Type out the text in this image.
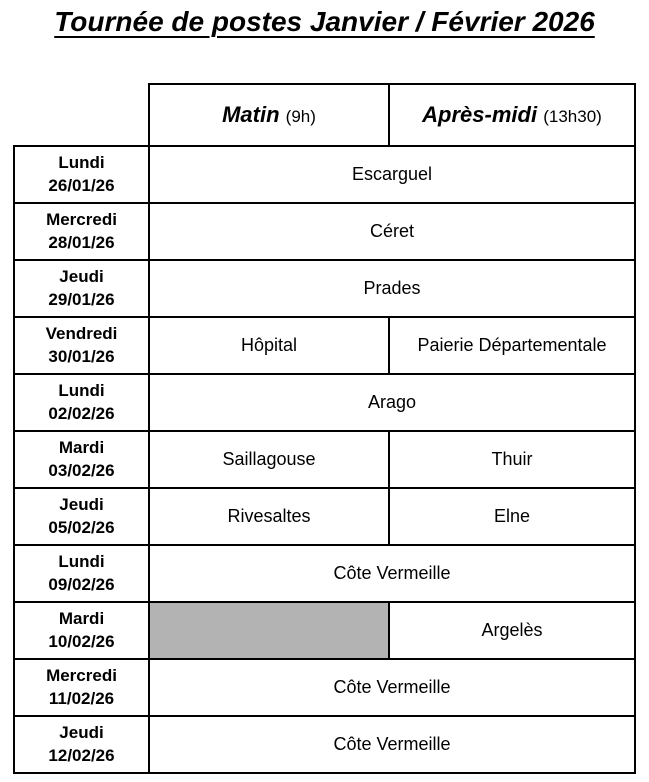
Tournée de postes Janvier / Février 2026
	Matin (9h)	Après-midi (13h30)

Lundi
26/01/26	Escarguel	

Mercredi
28/01/26	Céret	

Jeudi
29/01/26	Prades	

Vendredi
30/01/26	Hôpital	Paierie Départementale

Lundi
02/02/26	Arago	

Mardi
03/02/26	Saillagouse	Thuir

Jeudi
05/02/26	Rivesaltes	Elne

Lundi
09/02/26	Côte Vermeille	

Mardi
10/02/26		Argelès

Mercredi
11/02/26	Côte Vermeille	

Jeudi
12/02/26	Côte Vermeille	
